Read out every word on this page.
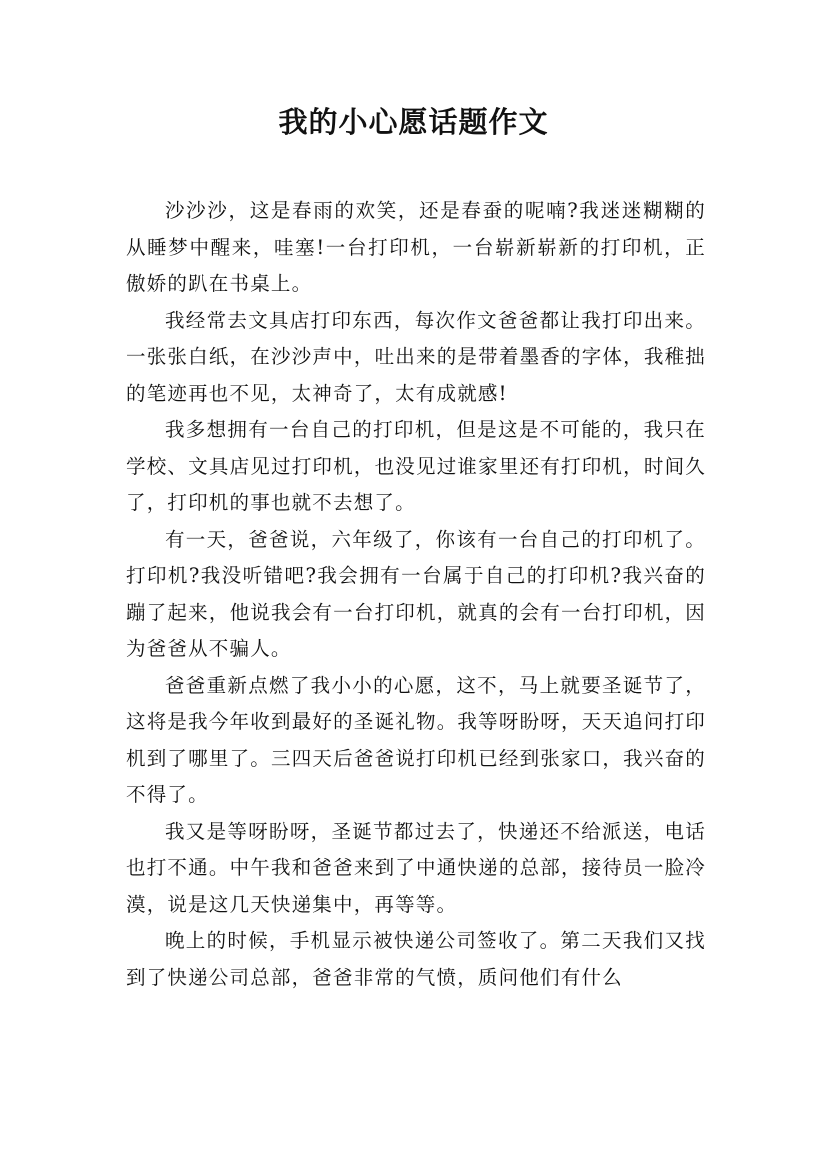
我的小心愿话题作文

沙沙沙，这是春雨的欢笑，还是春蚕的呢喃?我迷迷糊糊的从睡梦中醒来，哇塞!一台打印机，一台崭新崭新的打印机，正傲娇的趴在书桌上。

我经常去文具店打印东西，每次作文爸爸都让我打印出来。一张张白纸，在沙沙声中，吐出来的是带着墨香的字体，我稚拙的笔迹再也不见，太神奇了，太有成就感!

我多想拥有一台自己的打印机，但是这是不可能的，我只在学校、文具店见过打印机，也没见过谁家里还有打印机，时间久了，打印机的事也就不去想了。

有一天，爸爸说，六年级了，你该有一台自己的打印机了。打印机?我没听错吧?我会拥有一台属于自己的打印机?我兴奋的蹦了起来，他说我会有一台打印机，就真的会有一台打印机，因为爸爸从不骗人。

爸爸重新点燃了我小小的心愿，这不，马上就要圣诞节了，这将是我今年收到最好的圣诞礼物。我等呀盼呀，天天追问打印机到了哪里了。三四天后爸爸说打印机已经到张家口，我兴奋的不得了。

我又是等呀盼呀，圣诞节都过去了，快递还不给派送，电话也打不通。中午我和爸爸来到了中通快递的总部，接待员一脸冷漠，说是这几天快递集中，再等等。

晚上的时候，手机显示被快递公司签收了。第二天我们又找到了快递公司总部，爸爸非常的气愤，质问他们有什么
